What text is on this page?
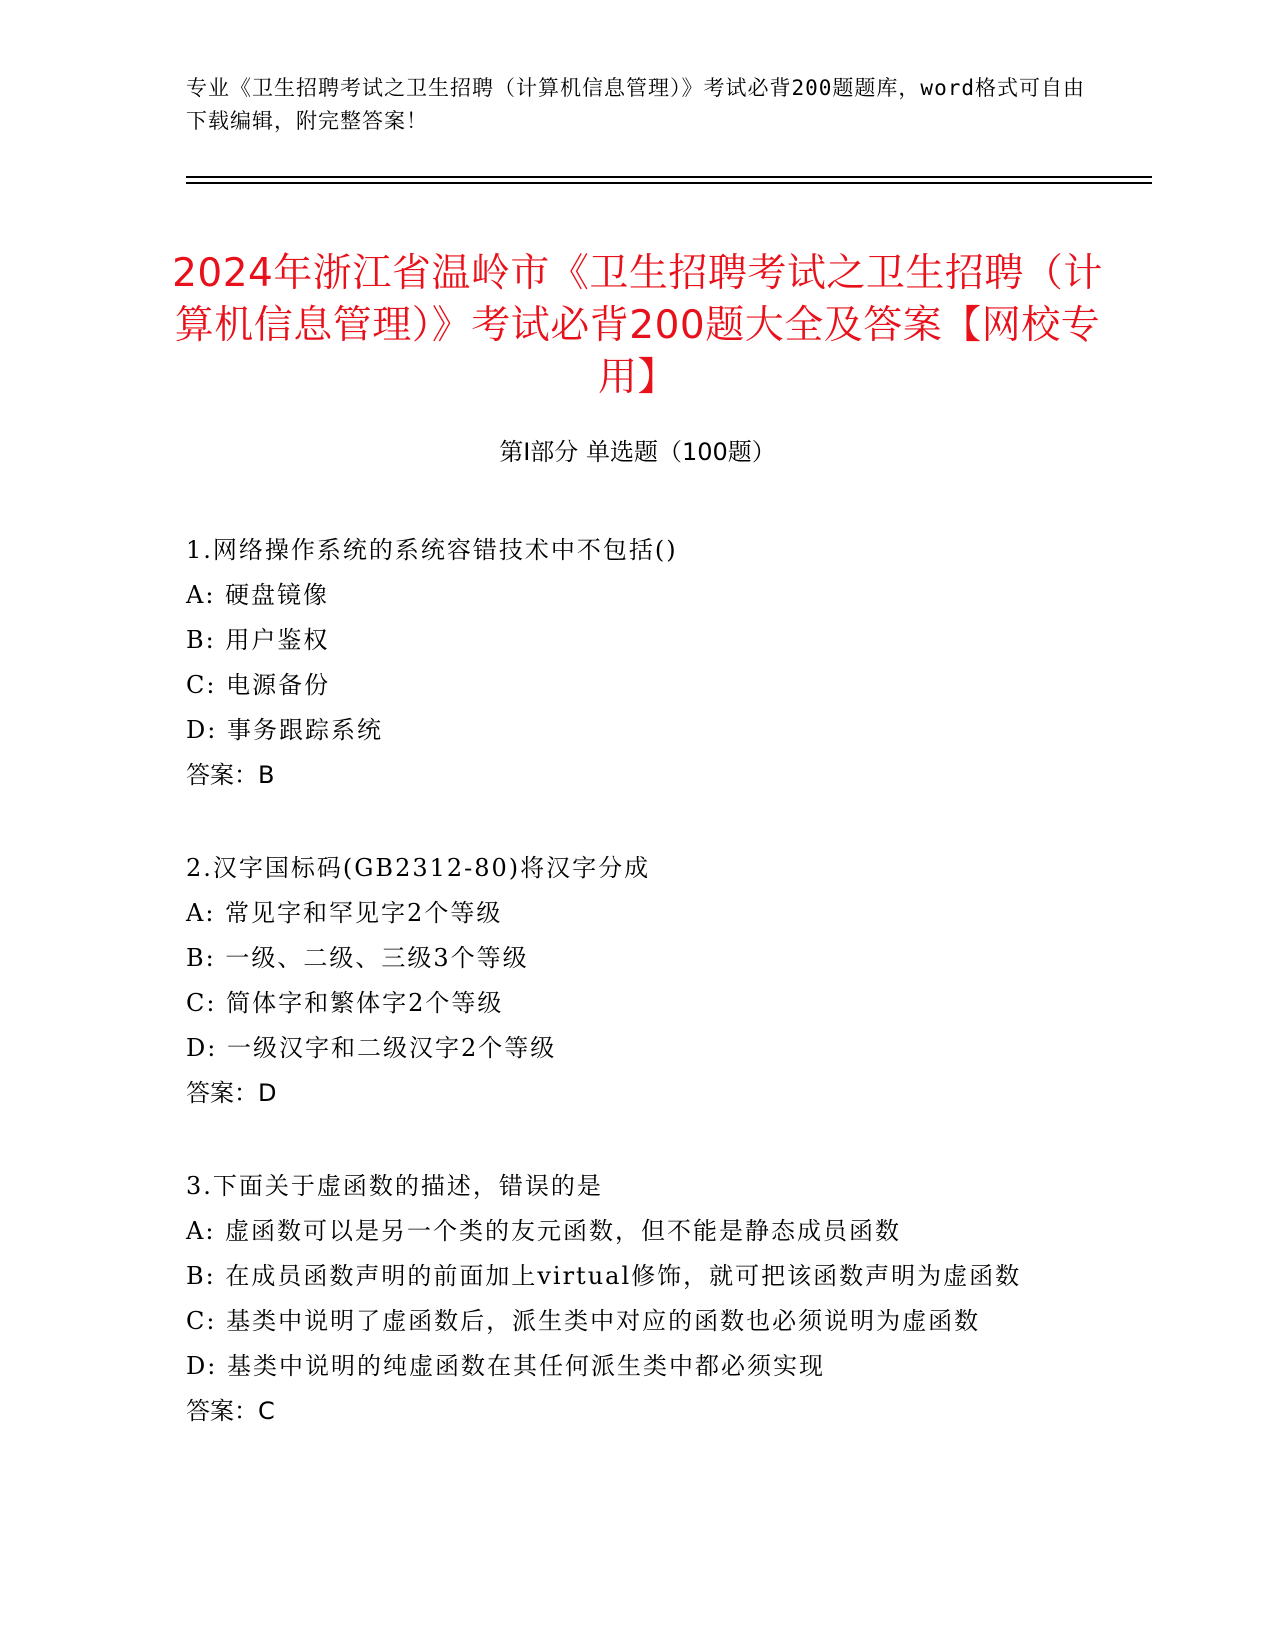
专业《卫生招聘考试之卫生招聘（计算机信息管理）》考试必背200题题库，word格式可自由下载编辑，附完整答案！
2024年浙江省温岭市《卫生招聘考试之卫生招聘（计算机信息管理）》考试必背200题大全及答案【网校专用】
第I部分 单选题（100题）

1.网络操作系统的系统容错技术中不包括()

A: 硬盘镜像

B: 用户鉴权

C: 电源备份

D: 事务跟踪系统

答案：B

2.汉字国标码(GB2312-80)将汉字分成

A: 常见字和罕见字2个等级

B: 一级、二级、三级3个等级

C: 简体字和繁体字2个等级

D: 一级汉字和二级汉字2个等级

答案：D

3.下面关于虚函数的描述，错误的是

A: 虚函数可以是另一个类的友元函数，但不能是静态成员函数

B: 在成员函数声明的前面加上virtual修饰，就可把该函数声明为虚函数

C: 基类中说明了虚函数后，派生类中对应的函数也必须说明为虚函数

D: 基类中说明的纯虚函数在其任何派生类中都必须实现

答案：C
